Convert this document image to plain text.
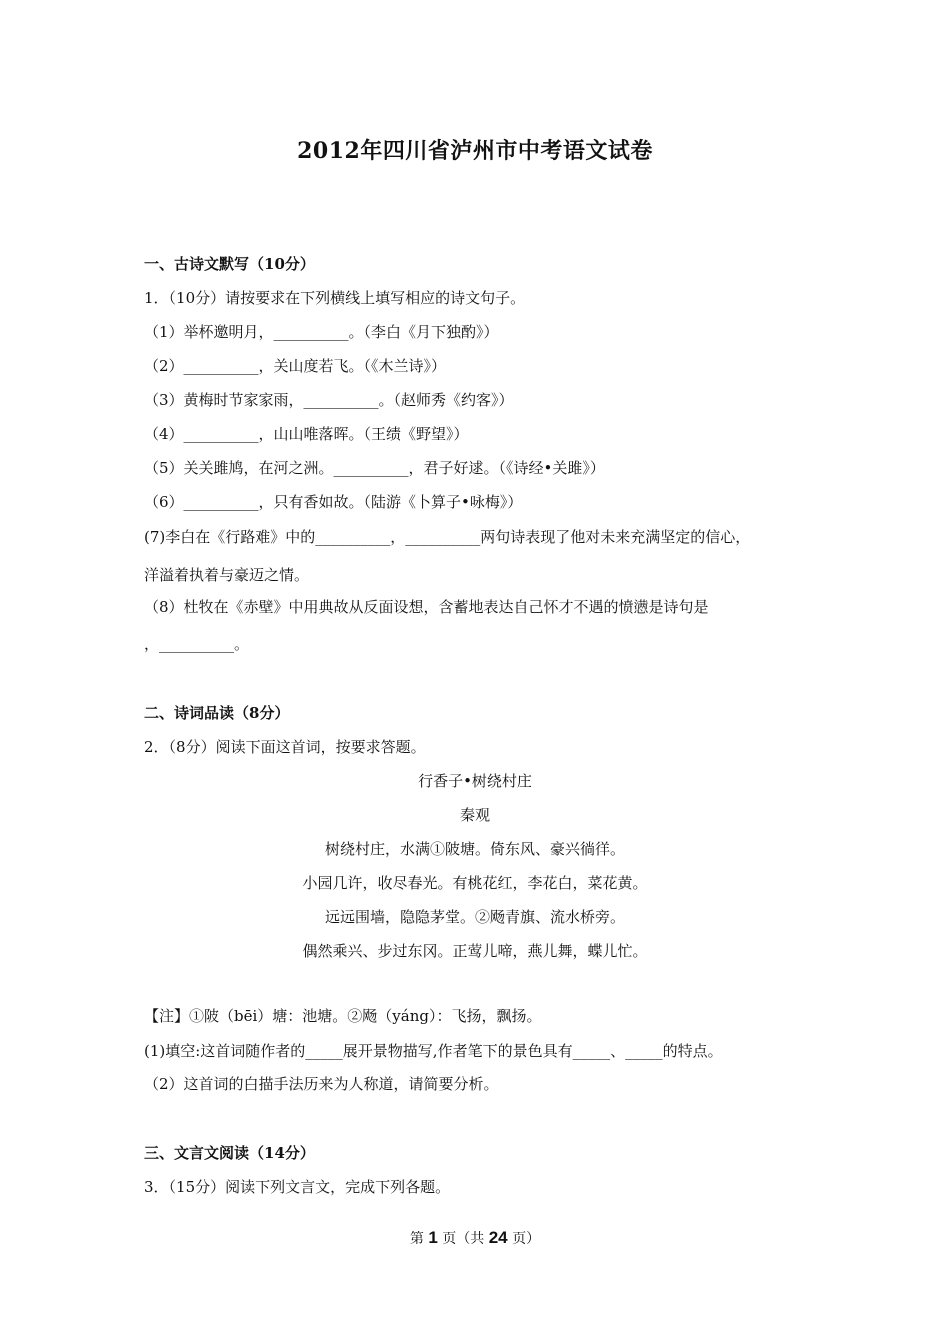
2012年四川省泸州市中考语文试卷
一、古诗文默写（10分）
1．（10分）请按要求在下列横线上填写相应的诗文句子。
（1）举杯邀明月，__________。（李白《月下独酌》）
（2）__________，关山度若飞。（《木兰诗》）
（3）黄梅时节家家雨，__________。（赵师秀《约客》）
（4）__________，山山唯落晖。（王绩《野望》）
（5）关关雎鸠，在河之洲。__________，君子好逑。（《诗经•关雎》）
（6）__________，只有香如故。（陆游《卜算子•咏梅》）
(7)李白在《行路难》中的__________，__________两句诗表现了他对未来充满坚定的信心，
洋溢着执着与豪迈之情。
（8）杜牧在《赤壁》中用典故从反面设想，含蓄地表达自己怀才不遇的愤懑是诗句是
，__________。
二、诗词品读（8分）
2．（8分）阅读下面这首词，按要求答题。
行香子•树绕村庄
秦观
树绕村庄，水满①陂塘。倚东风、豪兴徜徉。
小园几许，收尽春光。有桃花红，李花白，菜花黄。
远远围墙，隐隐茅堂。②飏青旗、流水桥旁。
偶然乘兴、步过东冈。正莺儿啼，燕儿舞，蝶儿忙。
【注】①陂（bēi）塘：池塘。②飏（yáng）：飞扬，飘扬。
(1)填空:这首词随作者的_____展开景物描写,作者笔下的景色具有_____、_____的特点。
（2）这首词的白描手法历来为人称道，请简要分析。
三、文言文阅读（14分）
3．（15分）阅读下列文言文，完成下列各题。
第 1 页（共 24 页）
